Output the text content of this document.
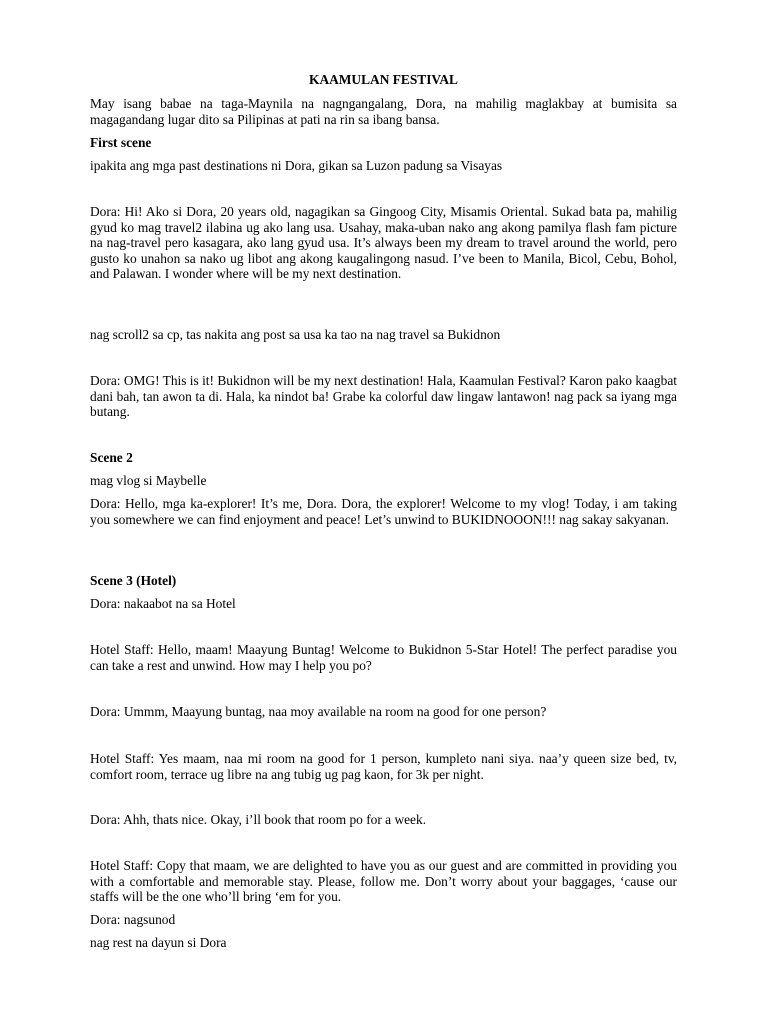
KAAMULAN FESTIVAL

May isang babae na taga-Maynila na nagngangalang, Dora, na mahilig maglakbay at bumisita sa magagandang lugar dito sa Pilipinas at pati na rin sa ibang bansa.

First scene

ipakita ang mga past destinations ni Dora, gikan sa Luzon padung sa Visayas

Dora: Hi! Ako si Dora, 20 years old, nagagikan sa Gingoog City, Misamis Oriental. Sukad bata pa, mahilig gyud ko mag travel2 ilabina ug ako lang usa. Usahay, maka-uban nako ang akong pamilya flash fam picture na nag-travel pero kasagara, ako lang gyud usa. It’s always been my dream to travel around the world, pero gusto ko unahon sa nako ug libot ang akong kaugalingong nasud. I’ve been to Manila, Bicol, Cebu, Bohol, and Palawan. I wonder where will be my next destination.

nag scroll2 sa cp, tas nakita ang post sa usa ka tao na nag travel sa Bukidnon

Dora: OMG! This is it! Bukidnon will be my next destination! Hala, Kaamulan Festival? Karon pako kaagbat dani bah, tan awon ta di. Hala, ka nindot ba! Grabe ka colorful daw lingaw lantawon! nag pack sa iyang mga butang.

Scene 2

mag vlog si Maybelle

Dora: Hello, mga ka-explorer! It’s me, Dora. Dora, the explorer! Welcome to my vlog! Today, i am taking you somewhere we can find enjoyment and peace! Let’s unwind to BUKIDNOOON!!! nag sakay sakyanan.

Scene 3 (Hotel)

Dora: nakaabot na sa Hotel

Hotel Staff: Hello, maam! Maayung Buntag! Welcome to Bukidnon 5-Star Hotel! The perfect paradise you can take a rest and unwind. How may I help you po?

Dora: Ummm, Maayung buntag, naa moy available na room na good for one person?

Hotel Staff: Yes maam, naa mi room na good for 1 person, kumpleto nani siya. naa’y queen size bed, tv, comfort room, terrace ug libre na ang tubig ug pag kaon, for 3k per night.

Dora: Ahh, thats nice. Okay, i’ll book that room po for a week.

Hotel Staff: Copy that maam, we are delighted to have you as our guest and are committed in providing you with a comfortable and memorable stay. Please, follow me. Don’t worry about your baggages, ‘cause our staffs will be the one who’ll bring ‘em for you.

Dora: nagsunod

nag rest na dayun si Dora
